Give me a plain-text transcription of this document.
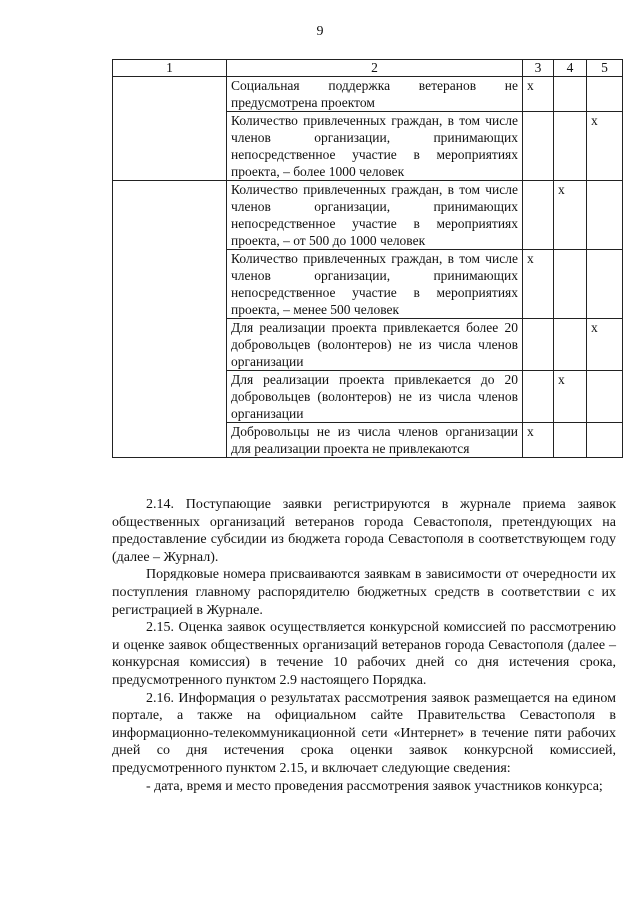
9
1	2	3	4	5
	Социальная поддержка ветеранов не предусмотрена проектом	х		
	Количество привлеченных граждан, в том числе членов организации, принимающих непосредственное участие в мероприятиях проекта, – более 1000 человек			х
	Количество привлеченных граждан, в том числе членов организации, принимающих непосредственное участие в мероприятиях проекта, – от 500 до 1000 человек		х	
	Количество привлеченных граждан, в том числе членов организации, принимающих непосредственное участие в мероприятиях проекта, – менее 500 человек	х		
	Для реализации проекта привлекается более 20 добровольцев (волонтеров) не из числа членов организации			х
	Для реализации проекта привлекается до 20 добровольцев (волонтеров) не из числа членов организации		х	
	Добровольцы не из числа членов организации для реализации проекта не привлекаются	х		

2.14. Поступающие заявки регистрируются в журнале приема заявок общественных организаций ветеранов города Севастополя, претендующих на предоставление субсидии из бюджета города Севастополя в соответствующем году (далее – Журнал).

Порядковые номера присваиваются заявкам в зависимости от очередности их поступления главному распорядителю бюджетных средств в соответствии с их регистрацией в Журнале.

2.15. Оценка заявок осуществляется конкурсной комиссией по рассмотрению и оценке заявок общественных организаций ветеранов города Севастополя (далее – конкурсная комиссия) в течение 10 рабочих дней со дня истечения срока, предусмотренного пунктом 2.9 настоящего Порядка.

2.16. Информация о результатах рассмотрения заявок размещается на едином портале, а также на официальном сайте Правительства Севастополя в информационно-телекоммуникационной сети «Интернет» в течение пяти рабочих дней со дня истечения срока оценки заявок конкурсной комиссией, предусмотренного пунктом 2.15, и включает следующие сведения:

- дата, время и место проведения рассмотрения заявок участников конкурса;
